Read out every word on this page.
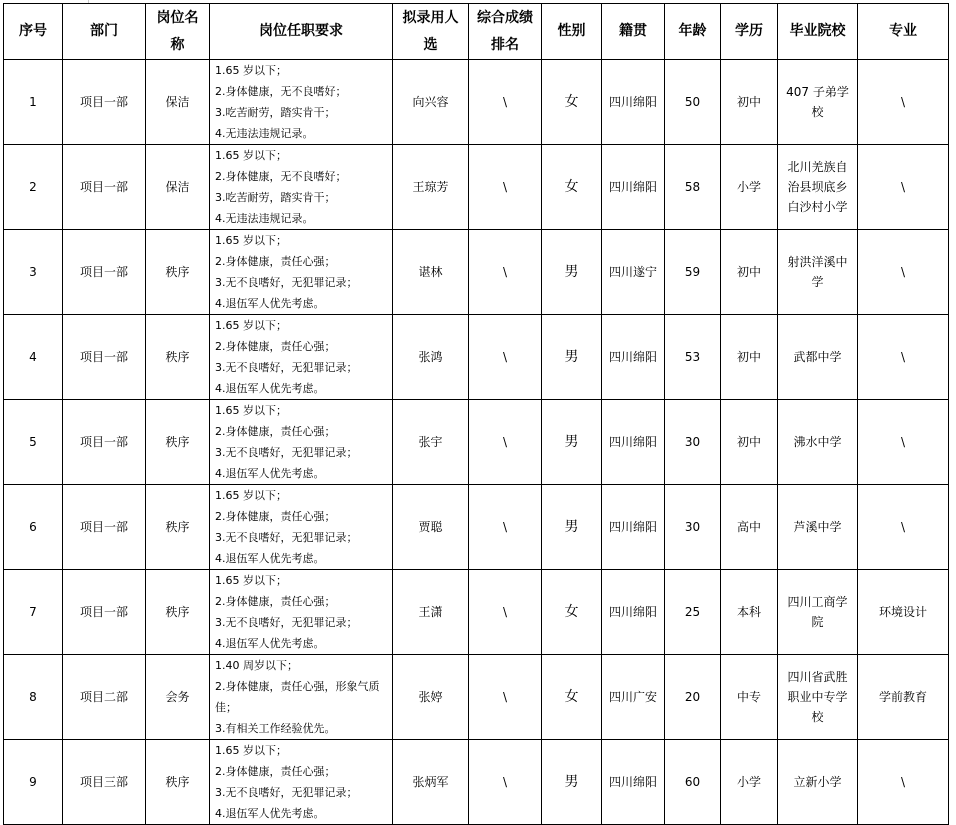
序号	部门	岗位名称	岗位任职要求	拟录用人选	综合成绩排名	性别	籍贯	年龄	学历	毕业院校	专业
1	项目一部	保洁	1.65 岁以下；
2.身体健康，无不良嗜好；
3.吃苦耐劳，踏实肯干；
4.无违法违规记录。	向兴容	\	女	四川绵阳	50	初中	407 子弟学校	\
2	项目一部	保洁	1.65 岁以下；
2.身体健康，无不良嗜好；
3.吃苦耐劳，踏实肯干；
4.无违法违规记录。	王琼芳	\	女	四川绵阳	58	小学	北川羌族自治县坝底乡白沙村小学	\
3	项目一部	秩序	1.65 岁以下；
2.身体健康，责任心强；
3.无不良嗜好，无犯罪记录；
4.退伍军人优先考虑。	谌林	\	男	四川遂宁	59	初中	射洪洋溪中学	\
4	项目一部	秩序	1.65 岁以下；
2.身体健康，责任心强；
3.无不良嗜好，无犯罪记录；
4.退伍军人优先考虑。	张鸿	\	男	四川绵阳	53	初中	武都中学	\
5	项目一部	秩序	1.65 岁以下；
2.身体健康，责任心强；
3.无不良嗜好，无犯罪记录；
4.退伍军人优先考虑。	张宇	\	男	四川绵阳	30	初中	沸水中学	\
6	项目一部	秩序	1.65 岁以下；
2.身体健康，责任心强；
3.无不良嗜好，无犯罪记录；
4.退伍军人优先考虑。	贾聪	\	男	四川绵阳	30	高中	芦溪中学	\
7	项目一部	秩序	1.65 岁以下；
2.身体健康，责任心强；
3.无不良嗜好，无犯罪记录；
4.退伍军人优先考虑。	王潇	\	女	四川绵阳	25	本科	四川工商学院	环境设计
8	项目二部	会务	1.40 周岁以下；
2.身体健康，责任心强，形象气质佳；
3.有相关工作经验优先。	张婷	\	女	四川广安	20	中专	四川省武胜职业中专学校	学前教育
9	项目三部	秩序	1.65 岁以下；
2.身体健康，责任心强；
3.无不良嗜好，无犯罪记录；
4.退伍军人优先考虑。	张炳军	\	男	四川绵阳	60	小学	立新小学	\
